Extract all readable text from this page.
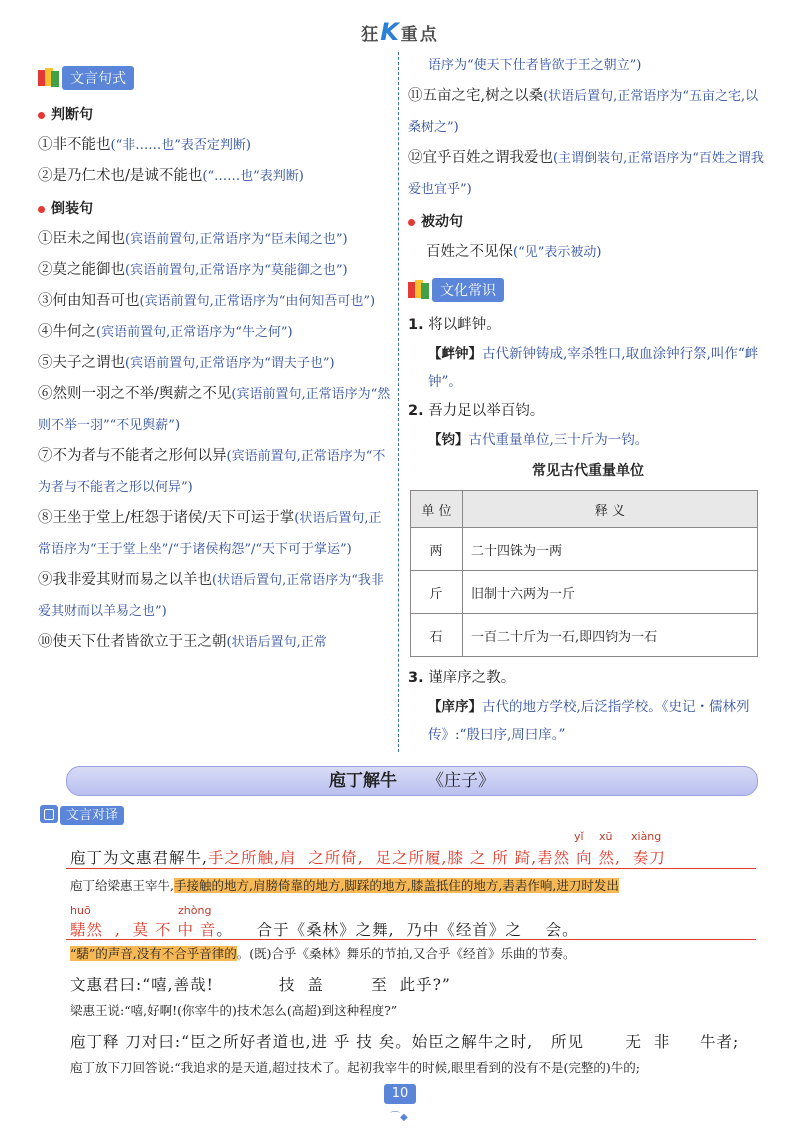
狂K重点
文言句式
判断句
①非不能也(“非……也”表否定判断)
②是乃仁术也/是诚不能也(“……也”表判断)
倒装句
①臣未之闻也(宾语前置句,正常语序为“臣未闻之也”)
②莫之能御也(宾语前置句,正常语序为“莫能御之也”)
③何由知吾可也(宾语前置句,正常语序为“由何知吾可也”)
④牛何之(宾语前置句,正常语序为“牛之何”)
⑤夫子之谓也(宾语前置句,正常语序为“谓夫子也”)
⑥然则一羽之不举/舆薪之不见(宾语前置句,正常语序为“然则不举一羽”“不见舆薪”)
⑦不为者与不能者之形何以异(宾语前置句,正常语序为“不为者与不能者之形以何异”)
⑧王坐于堂上/枉怨于诸侯/天下可运于掌(状语后置句,正常语序为“王于堂上坐”/“于诸侯构怨”/“天下可于掌运”)
⑨我非爱其财而易之以羊也(状语后置句,正常语序为“我非爱其财而以羊易之也”)
⑩使天下仕者皆欲立于王之朝(状语后置句,正常
语序为“使天下仕者皆欲于王之朝立”)
⑪五亩之宅,树之以桑(状语后置句,正常语序为“五亩之宅,以桑树之”)
⑫宜乎百姓之谓我爱也(主谓倒装句,正常语序为“百姓之谓我爱也宜乎”)
被动句
百姓之不见保(“见”表示被动)
文化常识
1. 将以衅钟。
【衅钟】古代新钟铸成,宰杀牲口,取血涂钟行祭,叫作“衅钟”。
2. 吾力足以举百钧。
【钧】古代重量单位,三十斤为一钧。
常见古代重量单位
单 位	释 义
两	二十四铢为一两
斤	旧制十六两为一斤
石	一百二十斤为一石,即四钧为一石
3. 谨庠序之教。
【庠序】古代的地方学校,后泛指学校。《史记・儒林列传》:“殷曰序,周曰庠。”
庖丁解牛 《庄子》
文言对译
yǐ xū xiàng
庖丁为文惠君解牛,手之所触,肩  之所倚,  足之所履,膝 之 所 踦,砉然 向 然,  奏刀
庖丁给梁惠王宰牛,手接触的地方,肩膀倚靠的地方,脚踩的地方,膝盖抵住的地方,砉砉作响,进刀时发出
huō	zhòng
騞然  ,  莫 不 中 音。    合于《桑林》之舞,  乃中《经首》之    会。
“騞”的声音,没有不合乎音律的。(既)合乎《桑林》舞乐的节拍,又合乎《经首》乐曲的节奏。
文惠君曰:“嘻,善哉!           技  盖        至  此乎?”
梁惠王说:“嘻,好啊!(你宰牛的)技术怎么(高超)到这种程度?”
庖丁释 刀对曰:“臣之所好者道也,进 乎 技 矣。始臣之解牛之时,   所见       无  非     牛者;
庖丁放下刀回答说:“我追求的是天道,超过技术了。起初我宰牛的时候,眼里看到的没有不是(完整的)牛的;
10
⌒◆
